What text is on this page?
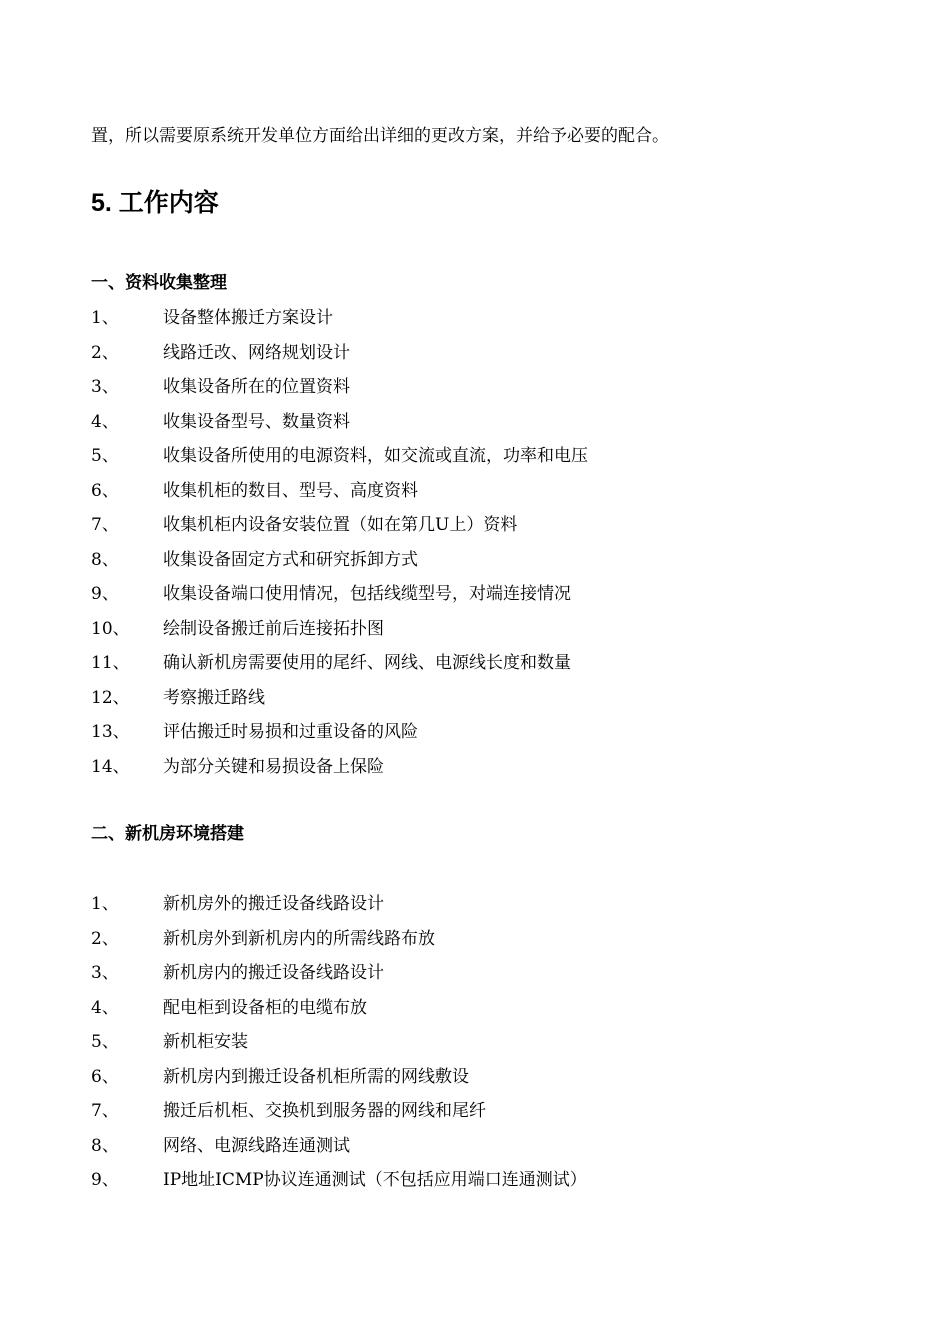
置，所以需要原系统开发单位方面给出详细的更改方案，并给予必要的配合。
5. 工作内容
一、资料收集整理
1、	设备整体搬迁方案设计
2、	线路迁改、网络规划设计
3、	收集设备所在的位置资料
4、	收集设备型号、数量资料
5、	收集设备所使用的电源资料，如交流或直流，功率和电压
6、	收集机柜的数目、型号、高度资料
7、	收集机柜内设备安装位置（如在第几U上）资料
8、	收集设备固定方式和研究拆卸方式
9、	收集设备端口使用情况，包括线缆型号，对端连接情况
10、	绘制设备搬迁前后连接拓扑图
11、	确认新机房需要使用的尾纤、网线、电源线长度和数量
12、	考察搬迁路线
13、	评估搬迁时易损和过重设备的风险
14、	为部分关键和易损设备上保险
二、新机房环境搭建
1、	新机房外的搬迁设备线路设计
2、	新机房外到新机房内的所需线路布放
3、	新机房内的搬迁设备线路设计
4、	配电柜到设备柜的电缆布放
5、	新机柜安装
6、	新机房内到搬迁设备机柜所需的网线敷设
7、	搬迁后机柜、交换机到服务器的网线和尾纤
8、	网络、电源线路连通测试
9、	IP地址ICMP协议连通测试（不包括应用端口连通测试）
